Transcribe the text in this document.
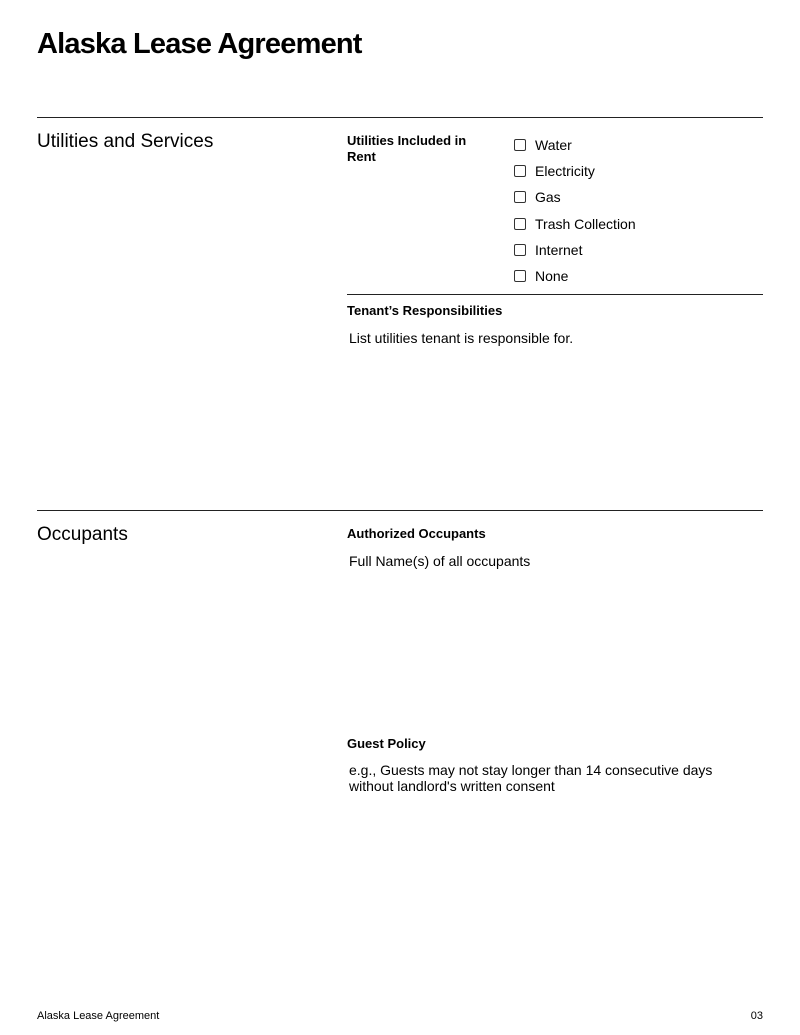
Alaska Lease Agreement
Utilities and Services	Utilities Included in Rent
Water
Electricity
Gas
Trash Collection
Internet
None
Tenant’s Responsibilities
List utilities tenant is responsible for.
Occupants	Authorized Occupants
Full Name(s) of all occupants
Guest Policy
e.g., Guests may not stay longer than 14 consecutive days without landlord's written consent
Alaska Lease Agreement	03
